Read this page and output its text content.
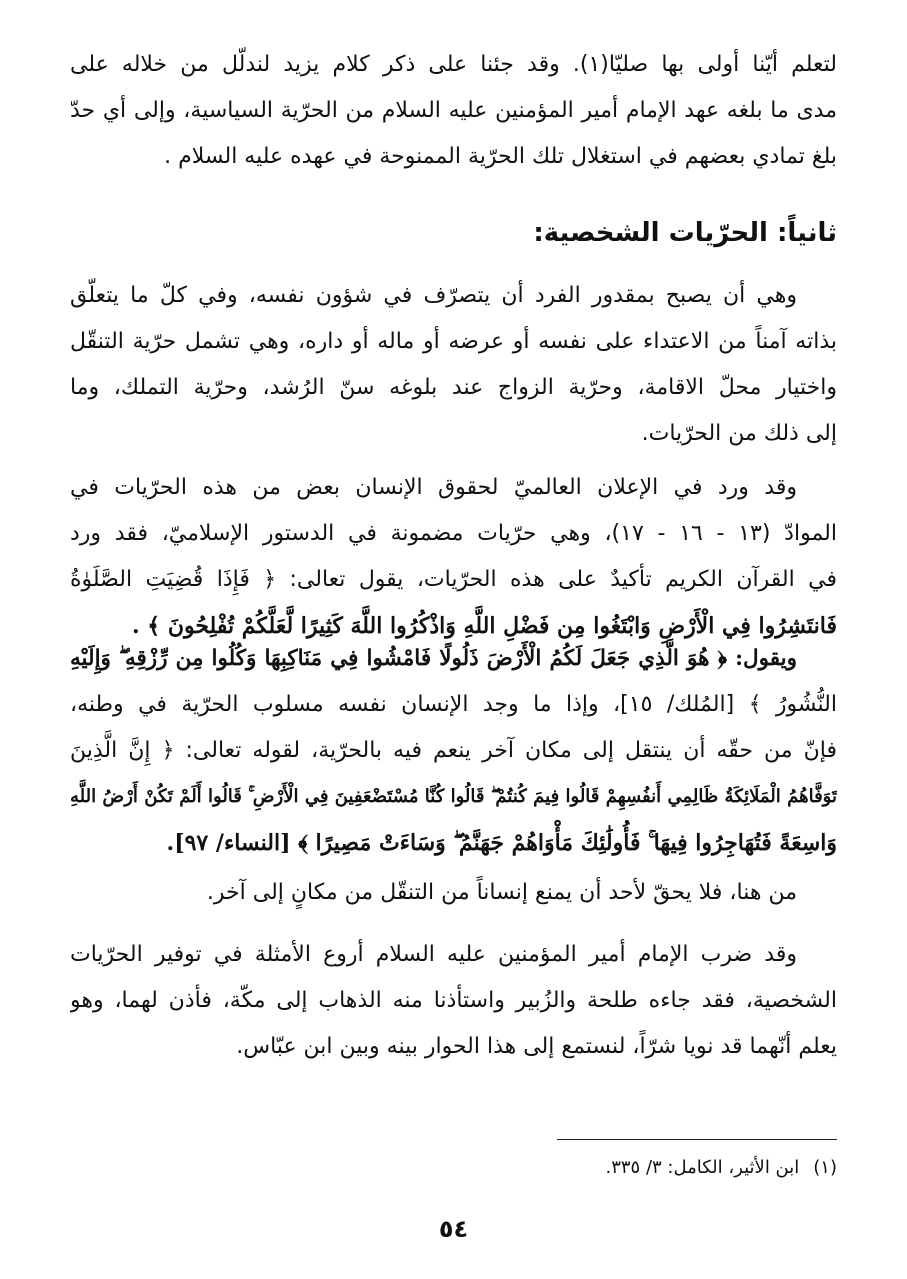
لتعلم أيّنا أولى بها صليّا(١). وقد جئنا على ذكر كلام يزيد لندلّل من خلاله على
مدى ما بلغه عهد الإمام أمير المؤمنين عليه السلام من الحرّية السياسية، وإلى أي حدّ
بلغ تمادي بعضهم في استغلال تلك الحرّية الممنوحة في عهده عليه السلام .
ثانياً: الحرّيات الشخصية:
وهي أن يصبح بمقدور الفرد أن يتصرّف في شؤون نفسه، وفي كلّ ما يتعلّق
بذاته آمناً من الاعتداء على نفسه أو عرضه أو ماله أو داره، وهي تشمل حرّية التنقّل
واختيار محلّ الاقامة، وحرّية الزواج عند بلوغه سنّ الرُشد، وحرّية التملك، وما
إلى ذلك من الحرّيات.
وقد ورد في الإعلان العالميّ لحقوق الإنسان بعض من هذه الحرّيات في
الموادّ (١٣ - ١٦ - ١٧)، وهي حرّيات مضمونة في الدستور الإسلاميّ، فقد ورد
في القرآن الكريم تأكيدٌ على هذه الحرّيات، يقول تعالى: ﴿ فَإِذَا قُضِيَتِ الصَّلَوٰةُ
فَانتَشِرُوا فِي الْأَرْضِ وَابْتَغُوا مِن فَضْلِ اللَّهِ وَاذْكُرُوا اللَّهَ كَثِيرًا لَّعَلَّكُمْ تُفْلِحُونَ ﴾ .
ويقول: ﴿ هُوَ الَّذِي جَعَلَ لَكُمُ الْأَرْضَ ذَلُولًا فَامْشُوا فِي مَنَاكِبِهَا وَكُلُوا مِن رِّزْقِهِ ۖ وَإِلَيْهِ
النُّشُورُ ﴾ [المُلك/ ١٥]، وإذا ما وجد الإنسان نفسه مسلوب الحرّية في وطنه،
فإنّ من حقّه أن ينتقل إلى مكان آخر ينعم فيه بالحرّية، لقوله تعالى: ﴿ إِنَّ الَّذِينَ
تَوَفَّاهُمُ الْمَلَائِكَةُ ظَالِمِي أَنفُسِهِمْ قَالُوا فِيمَ كُنتُمْ ۖ قَالُوا كُنَّا مُسْتَضْعَفِينَ فِي الْأَرْضِ ۚ قَالُوا أَلَمْ تَكُنْ أَرْضُ اللَّهِ
وَاسِعَةً فَتُهَاجِرُوا فِيهَا ۚ فَأُولَٰئِكَ مَأْوَاهُمْ جَهَنَّمُ ۖ وَسَاءَتْ مَصِيرًا ﴾ [النساء/ ٩٧].
من هنا، فلا يحقّ لأحد أن يمنع إنساناً من التنقّل من مكانٍ إلى آخر.
وقد ضرب الإمام أمير المؤمنين عليه السلام أروع الأمثلة في توفير الحرّيات
الشخصية، فقد جاءه طلحة والزُبير واستأذنا منه الذهاب إلى مكّة، فأذن لهما، وهو
يعلم أنّهما قد نويا شرّاً، لنستمع إلى هذا الحوار بينه وبين ابن عبّاس.
(١)ابن الأثير، الكامل: ٣/ ٣٣٥.
٥٤
